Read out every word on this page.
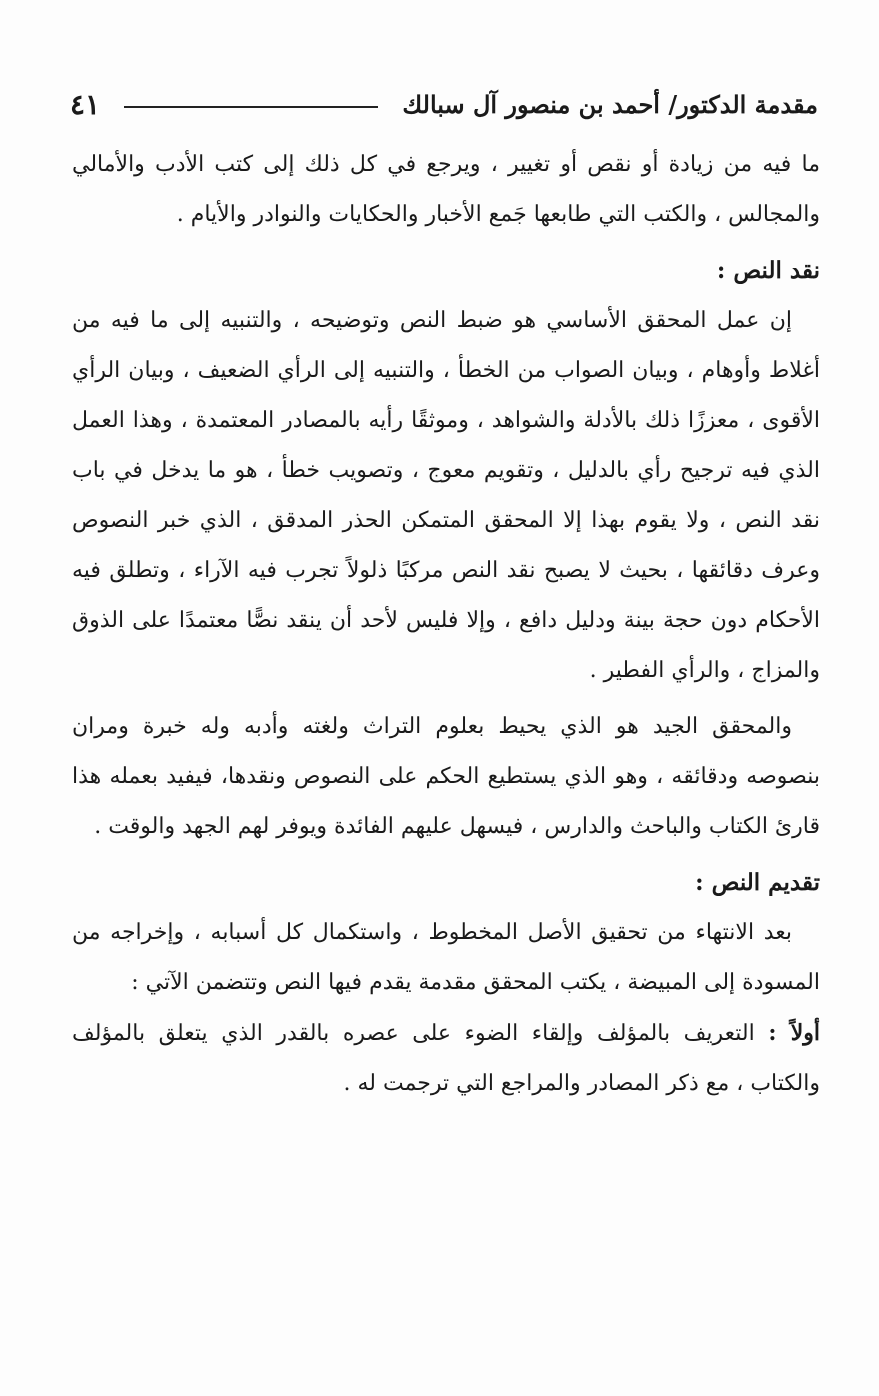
مقدمة الدكتور/ أحمد بن منصور آل سبالك
٤١

ما فيه من زيادة أو نقص أو تغيير ، ويرجع في كل ذلك إلى كتب الأدب والأمالي والمجالس ، والكتب التي طابعها جَمع الأخبار والحكايات والنوادر والأيام .

نقد النص :

إن عمل المحقق الأساسي هو ضبط النص وتوضيحه ، والتنبيه إلى ما فيه من أغلاط وأوهام ، وبيان الصواب من الخطأ ، والتنبيه إلى الرأي الضعيف ، وبيان الرأي الأقوى ، معززًا ذلك بالأدلة والشواهد ، وموثقًا رأيه بالمصادر المعتمدة ، وهذا العمل الذي فيه ترجيح رأي بالدليل ، وتقويم معوج ، وتصويب خطأ ، هو ما يدخل في باب نقد النص ، ولا يقوم بهذا إلا المحقق المتمكن الحذر المدقق ، الذي خبر النصوص وعرف دقائقها ، بحيث لا يصبح نقد النص مركبًا ذلولاً تجرب فيه الآراء ، وتطلق فيه الأحكام دون حجة بينة ودليل دافع ، وإلا فليس لأحد أن ينقد نصًّا معتمدًا على الذوق والمزاج ، والرأي الفطير .

والمحقق الجيد هو الذي يحيط بعلوم التراث ولغته وأدبه وله خبرة ومران بنصوصه ودقائقه ، وهو الذي يستطيع الحكم على النصوص ونقدها، فيفيد بعمله هذا قارئ الكتاب والباحث والدارس ، فيسهل عليهم الفائدة ويوفر لهم الجهد والوقت .

تقديم النص :

بعد الانتهاء من تحقيق الأصل المخطوط ، واستكمال كل أسبابه ، وإخراجه من المسودة إلى المبيضة ، يكتب المحقق مقدمة يقدم فيها النص وتتضمن الآتي :

أولاً : التعريف بالمؤلف وإلقاء الضوء على عصره بالقدر الذي يتعلق بالمؤلف والكتاب ، مع ذكر المصادر والمراجع التي ترجمت له .
